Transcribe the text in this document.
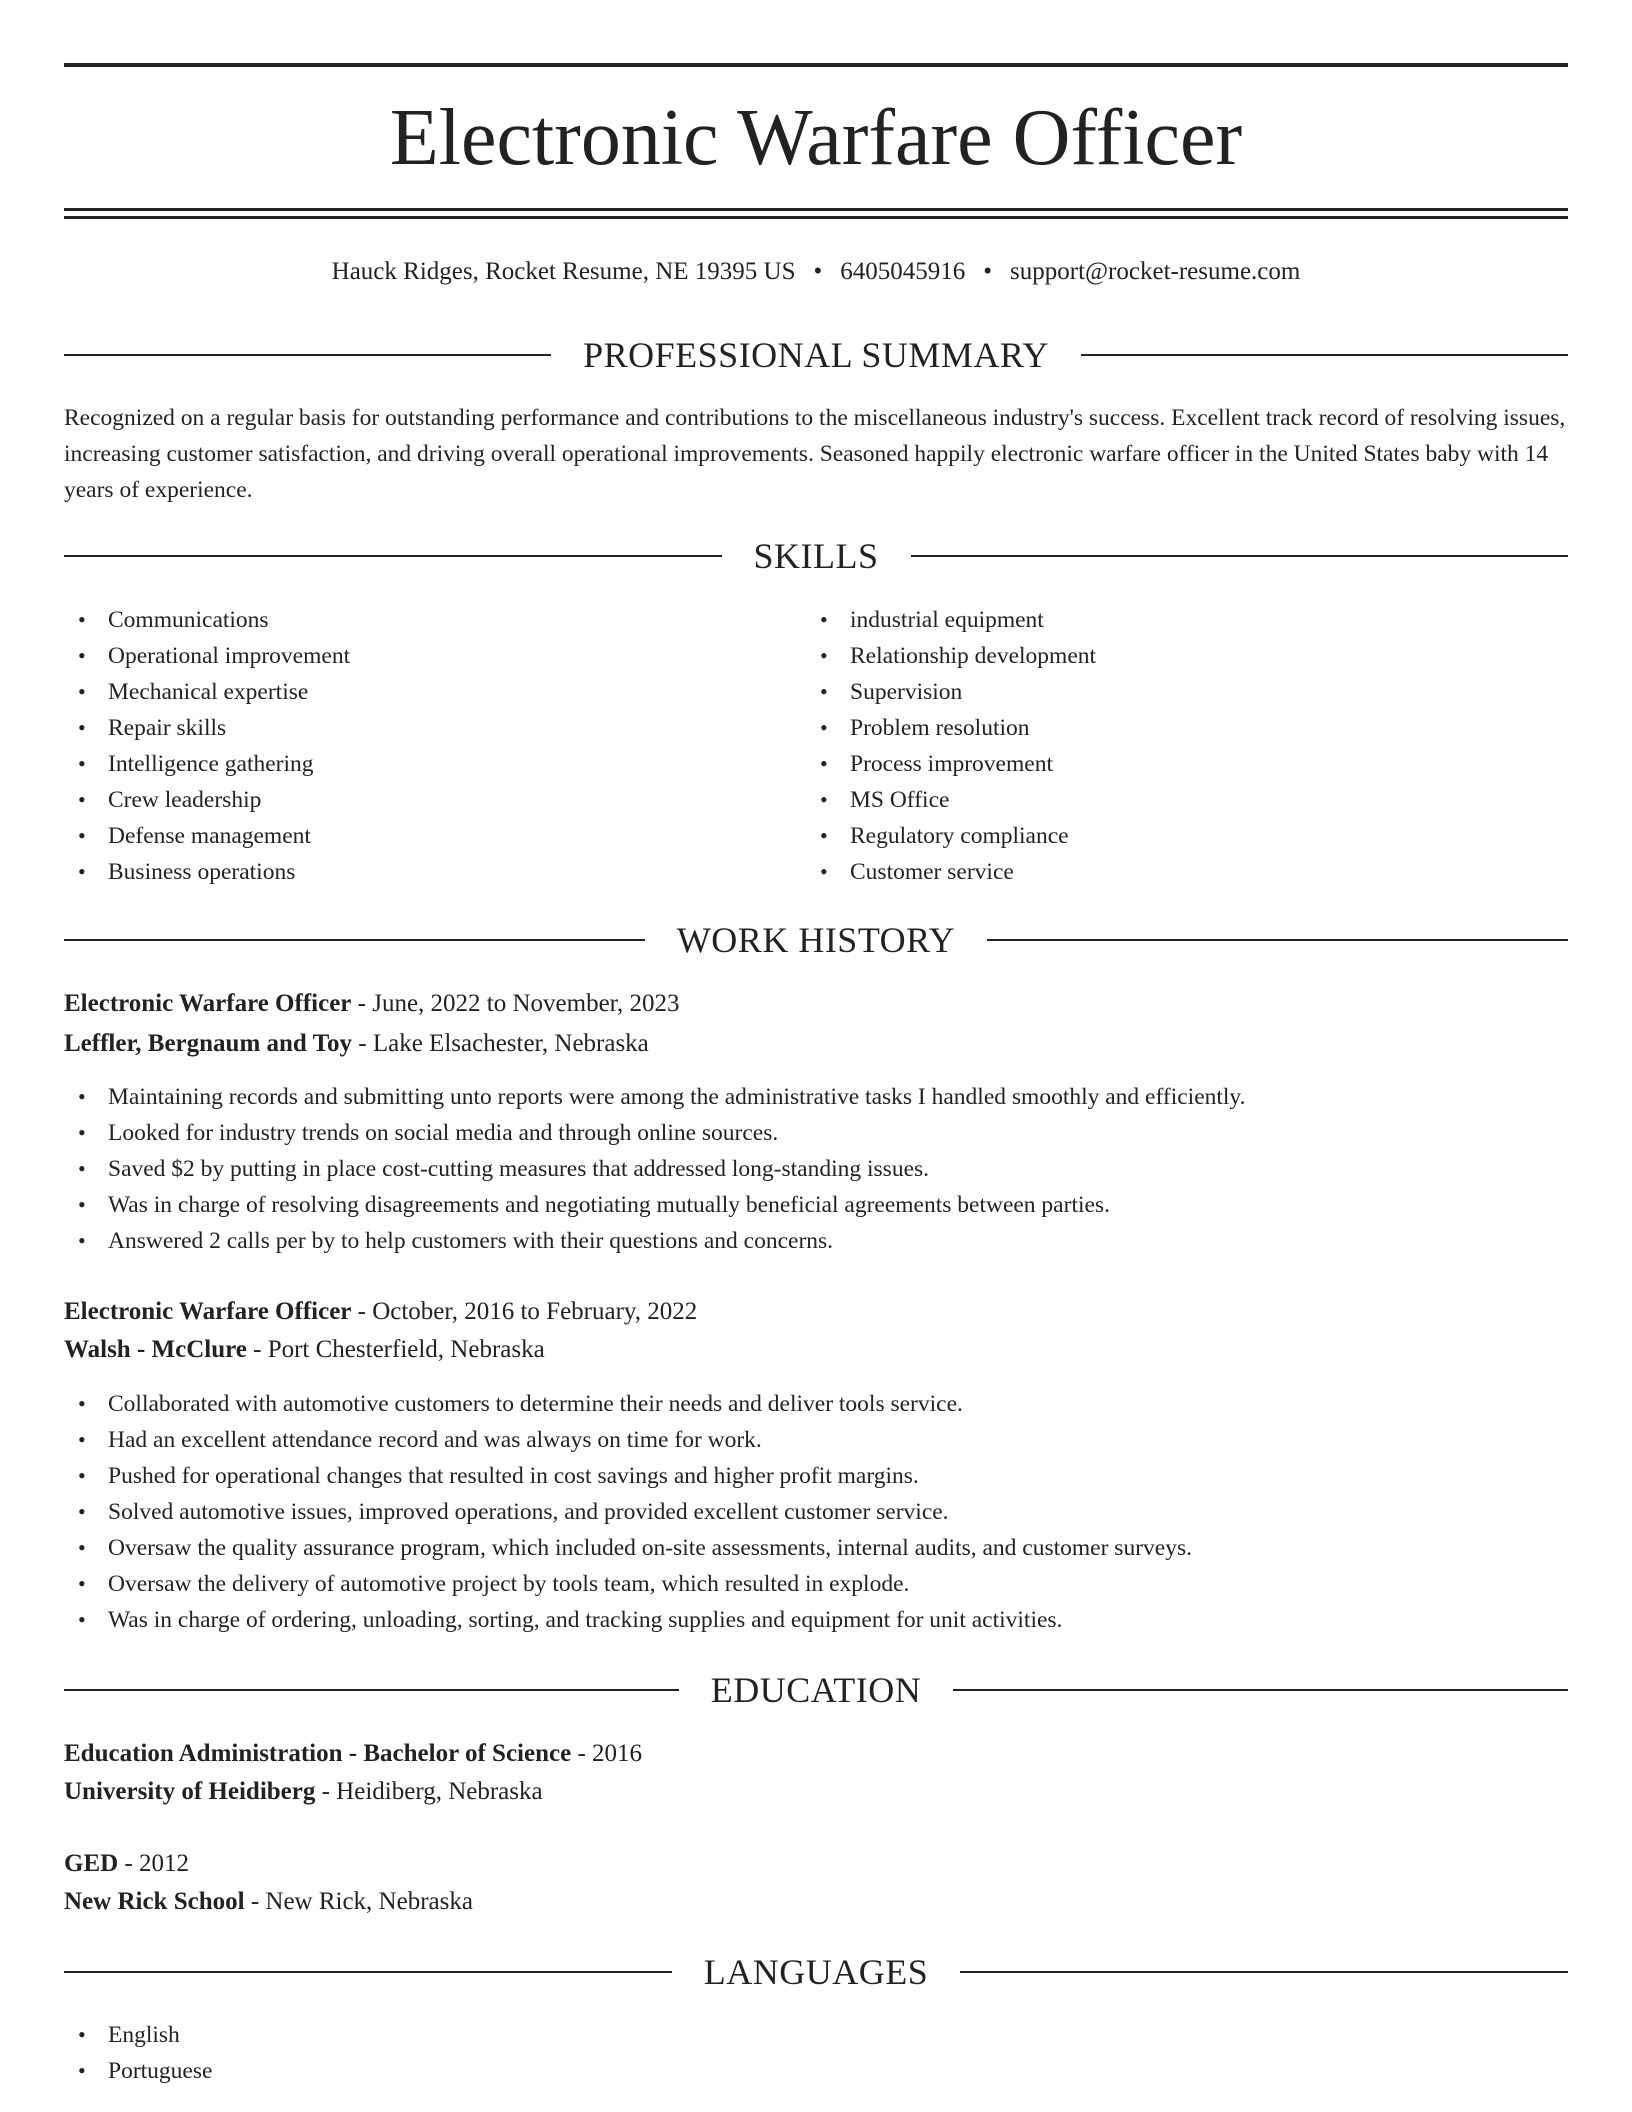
Electronic Warfare Officer
Hauck Ridges, Rocket Resume, NE 19395 US • 6405045916 • support@rocket-resume.com
PROFESSIONAL SUMMARY
Recognized on a regular basis for outstanding performance and contributions to the miscellaneous industry's success. Excellent track record of resolving issues, increasing customer satisfaction, and driving overall operational improvements. Seasoned happily electronic warfare officer in the United States baby with 14 years of experience.
SKILLS
• Communications
• Operational improvement
• Mechanical expertise
• Repair skills
• Intelligence gathering
• Crew leadership
• Defense management
• Business operations
• industrial equipment
• Relationship development
• Supervision
• Problem resolution
• Process improvement
• MS Office
• Regulatory compliance
• Customer service
WORK HISTORY
Electronic Warfare Officer - June, 2022 to November, 2023
Leffler, Bergnaum and Toy - Lake Elsachester, Nebraska
• Maintaining records and submitting unto reports were among the administrative tasks I handled smoothly and efficiently.
• Looked for industry trends on social media and through online sources.
• Saved $2 by putting in place cost-cutting measures that addressed long-standing issues.
• Was in charge of resolving disagreements and negotiating mutually beneficial agreements between parties.
• Answered 2 calls per by to help customers with their questions and concerns.
Electronic Warfare Officer - October, 2016 to February, 2022
Walsh - McClure - Port Chesterfield, Nebraska
• Collaborated with automotive customers to determine their needs and deliver tools service.
• Had an excellent attendance record and was always on time for work.
• Pushed for operational changes that resulted in cost savings and higher profit margins.
• Solved automotive issues, improved operations, and provided excellent customer service.
• Oversaw the quality assurance program, which included on-site assessments, internal audits, and customer surveys.
• Oversaw the delivery of automotive project by tools team, which resulted in explode.
• Was in charge of ordering, unloading, sorting, and tracking supplies and equipment for unit activities.
EDUCATION
Education Administration - Bachelor of Science - 2016
University of Heidiberg - Heidiberg, Nebraska
GED - 2012
New Rick School - New Rick, Nebraska
LANGUAGES
• English
• Portuguese
